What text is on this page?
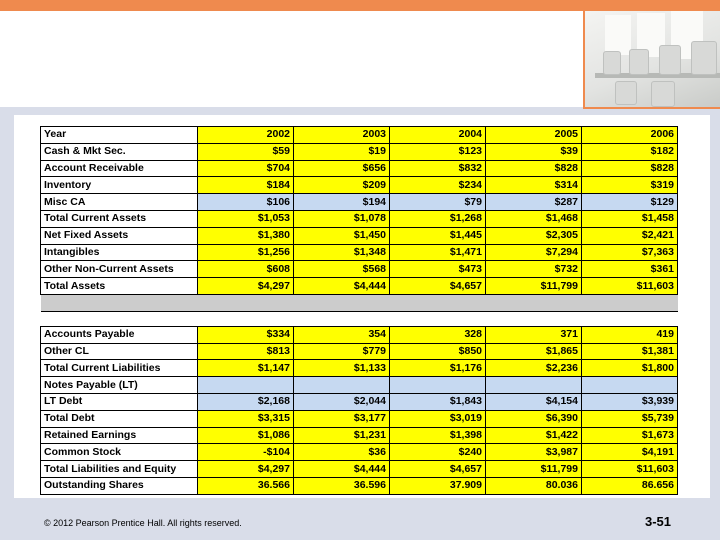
Year	2002	2003	2004	2005	2006
Cash & Mkt Sec.	$59	$19	$123	$39	$182
Account Receivable	$704	$656	$832	$828	$828
Inventory	$184	$209	$234	$314	$319
Misc CA	$106	$194	$79	$287	$129
Total Current Assets	$1,053	$1,078	$1,268	$1,468	$1,458
Net Fixed Assets	$1,380	$1,450	$1,445	$2,305	$2,421
Intangibles	$1,256	$1,348	$1,471	$7,294	$7,363
Other Non-Current Assets	$608	$568	$473	$732	$361
Total Assets	$4,297	$4,444	$4,657	$11,799	$11,603

Accounts Payable	$334	354	328	371	419
Other CL	$813	$779	$850	$1,865	$1,381
Total Current Liabilities	$1,147	$1,133	$1,176	$2,236	$1,800
Notes Payable (LT)					
LT Debt	$2,168	$2,044	$1,843	$4,154	$3,939
Total Debt	$3,315	$3,177	$3,019	$6,390	$5,739
Retained Earnings	$1,086	$1,231	$1,398	$1,422	$1,673
Common Stock	-$104	$36	$240	$3,987	$4,191
Total Liabilities and Equity	$4,297	$4,444	$4,657	$11,799	$11,603
Outstanding Shares	36.566	36.596	37.909	80.036	86.656
© 2012 Pearson Prentice Hall. All rights reserved.	3-51
